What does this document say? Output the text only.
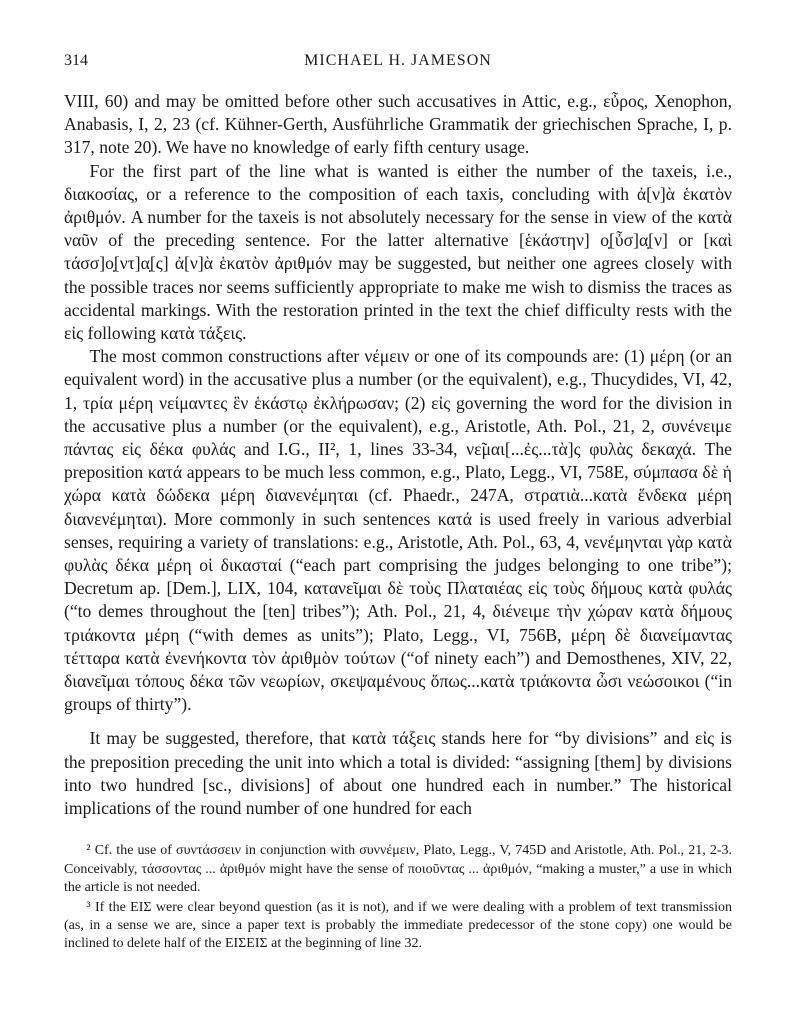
314	MICHAEL H. JAMESON

VIII, 60) and may be omitted before other such accusatives in Attic, e.g., εὖρος, Xenophon, Anabasis, I, 2, 23 (cf. Kühner-Gerth, Ausführliche Grammatik der griechischen Sprache, I, p. 317, note 20). We have no knowledge of early fifth century usage.

For the first part of the line what is wanted is either the number of the taxeis, i.e., διακοσίας, or a reference to the composition of each taxis, concluding with ἀ[ν]ὰ ἑκατὸν ἀριθμόν. A number for the taxeis is not absolutely necessary for the sense in view of the κατὰ ναῦν of the preceding sentence. For the latter alternative [ἑκάστην] ο̣[ὖσ]α̣[ν] or [καὶ τάσσ]ο̣[ντ]α̣[ς] ἀ[ν]ὰ ἑκατὸν ἀριθμόν may be suggested, but neither one agrees closely with the possible traces nor seems sufficiently appropriate to make me wish to dismiss the traces as accidental markings. With the restoration printed in the text the chief difficulty rests with the εἰς following κατὰ τάξεις.

The most common constructions after νέμειν or one of its compounds are: (1) μέρη (or an equivalent word) in the accusative plus a number (or the equivalent), e.g., Thucydides, VI, 42, 1, τρία μέρη νείμαντες ἓν ἑκάστῳ ἐκλήρωσαν; (2) εἰς governing the word for the division in the accusative plus a number (or the equivalent), e.g., Aristotle, Ath. Pol., 21, 2, συνένειμε πάντας εἰς δέκα φυλάς and I.G., II², 1, lines 33-34, νε̃μαι[...ἐς...τὰ]ς φυλὰς δεκαχά. The preposition κατά appears to be much less common, e.g., Plato, Legg., VI, 758E, σύμπασα δὲ ἡ χώρα κατὰ δώδεκα μέρη διανενέμηται (cf. Phaedr., 247A, στρατιὰ...κατὰ ἕνδεκα μέρη διανενέμηται). More commonly in such sentences κατά is used freely in various adverbial senses, requiring a variety of translations: e.g., Aristotle, Ath. Pol., 63, 4, νενέμηνται γὰρ κατὰ φυλὰς δέκα μέρη οἱ δικασταί (“each part comprising the judges belonging to one tribe”); Decretum ap. [Dem.], LIX, 104, κατανεῖμαι δὲ τοὺς Πλαταιέας εἰς τοὺς δήμους κατὰ φυλάς (“to demes throughout the [ten] tribes”); Ath. Pol., 21, 4, διένειμε τὴν χώραν κατὰ δήμους τριάκοντα μέρη (“with demes as units”); Plato, Legg., VI, 756B, μέρη δὲ διανείμαντας τέτταρα κατὰ ἐνενήκοντα τὸν ἀριθμὸν τούτων (“of ninety each”) and Demosthenes, XIV, 22, διανεῖμαι τόπους δέκα τῶν νεωρίων, σκεψαμένους ὅπως...κατὰ τριάκοντα ὦσι νεώσοικοι (“in groups of thirty”).

It may be suggested, therefore, that κατὰ τάξεις stands here for “by divisions” and εἰς is the preposition preceding the unit into which a total is divided: “assigning [them] by divisions into two hundred [sc., divisions] of about one hundred each in number.” The historical implications of the round number of one hundred for each

² Cf. the use of συντάσσειν in conjunction with συννέμειν, Plato, Legg., V, 745D and Aristotle, Ath. Pol., 21, 2-3. Conceivably, τάσσοντας ... ἀριθμόν might have the sense of ποιοῦντας ... ἀριθμόν, “making a muster,” a use in which the article is not needed.

³ If the ΕΙΣ were clear beyond question (as it is not), and if we were dealing with a problem of text transmission (as, in a sense we are, since a paper text is probably the immediate predecessor of the stone copy) one would be inclined to delete half of the ΕΙΣΕΙΣ at the beginning of line 32.
